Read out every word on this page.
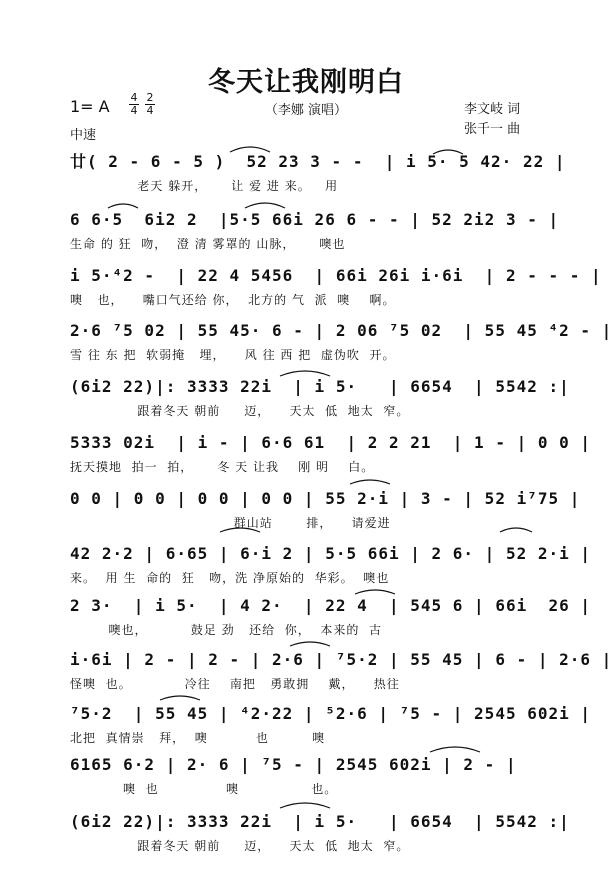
冬天让我刚明白
（李娜 演唱）
1= A 4
4
2
4
中速
李文岐 词
张千一 曲
廿( 2 - 6 - 5 )  52 23 3 - -  | i 5· 5 42· 22 |
老天 躲开，     让 爱 进 来。   用
6 6·5  6i2 2  |5·5 66i 26 6 - - | 52 2i2 3 - |
生命 的 狂  吻，  澄 清 雾罩的 山脉，     噢也
i 5·⁴2 -  | 22 4 5456  | 66i 26i i·6i  | 2 - - - |
噢   也，    嘴口气还给 你，  北方的 气  派  噢    啊。
2·6 ⁷5 02 | 55 45· 6 - | 2 06 ⁷5 02  | 55 45 ⁴2 - |
雪 往 东 把  软弱掩   埋，    风 往 西 把  虚伪吹  开。
(6i2 22)|: 3333 22i  | i 5·   | 6654  | 5542 :|
跟着冬天 朝前     迈，    天太  低  地太  窄。
5333 02i  | i - | 6·6 61  | 2 2 21  | 1 - | 0 0 |
抚天摸地  拍一  拍，     冬 天 让我    刚 明    白。
0 0 | 0 0 | 0 0 | 0 0 | 55 2·i | 3 - | 52 i⁷75 |
群山站       排，    请爱进
42 2·2 | 6·65 | 6·i 2 | 5·5 66i | 2 6· | 52 2·i |
来。  用 生  命的  狂   吻，洗 净原始的  华彩。  噢也
2 3·  | i 5·  | 4 2·  | 22 4  | 545 6 | 66i  26 |
噢也，         鼓足 劲   还给  你，  本来的  古
i·6i | 2 - | 2 - | 2·6 | ⁷5·2 | 55 45 | 6 - | 2·6 |
怪噢  也。           冷往    南把   勇敢拥    戴，    热往
⁷5·2  | 55 45 | ⁴2·22 | ⁵2·6 | ⁷5 - | 2545 602i |
北把  真情崇   拜，  噢          也         噢
6165 6·2 | 2· 6 | ⁷5 - | 2545 602i | 2 - |
噢  也              噢               也。
(6i2 22)|: 3333 22i  | i 5·   | 6654  | 5542 :|
跟着冬天 朝前     迈，    天太  低  地太  窄。
